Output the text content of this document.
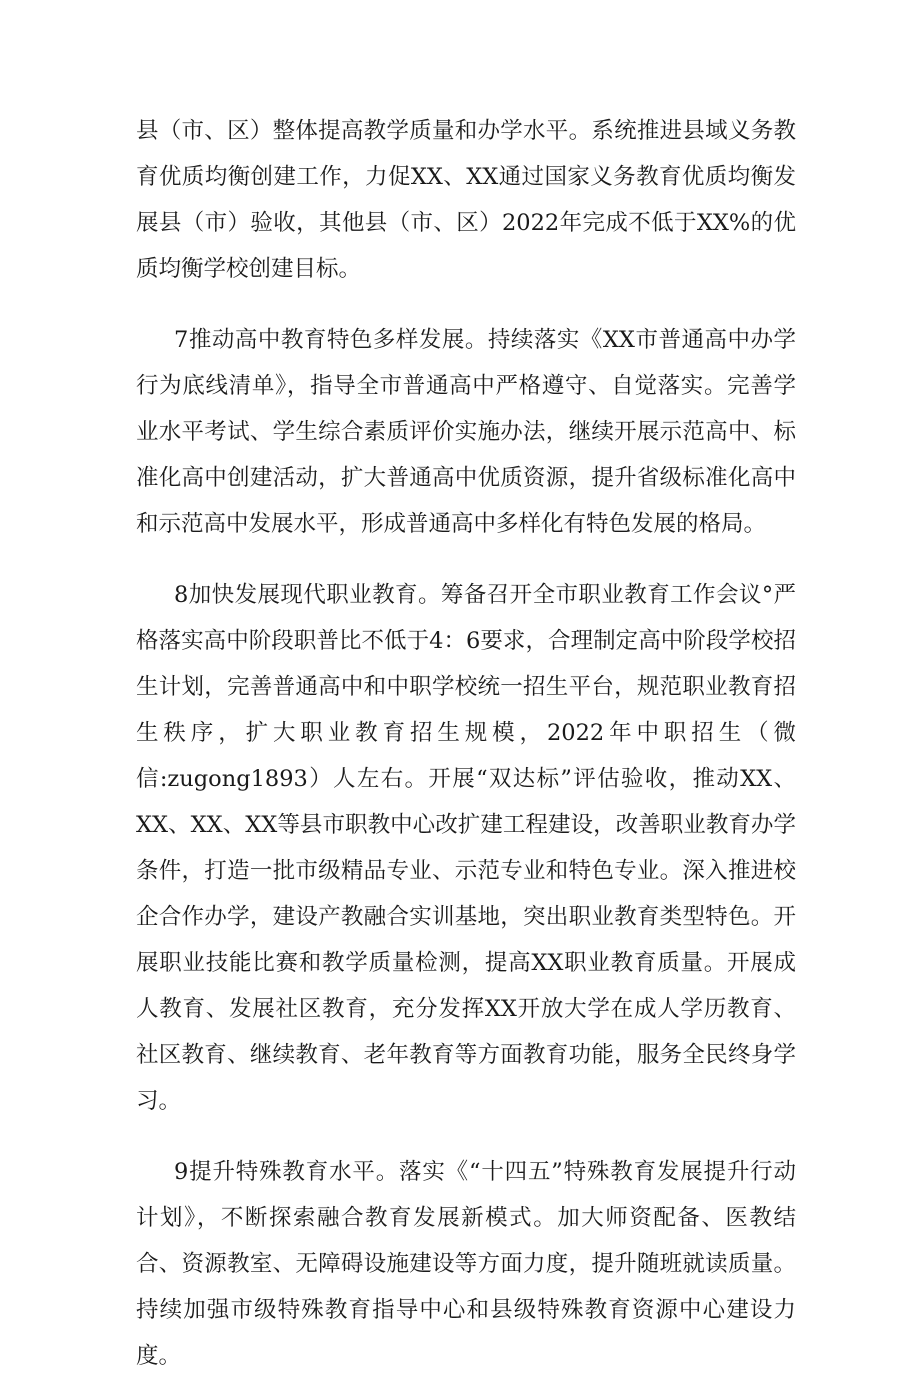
县（市、区）整体提高教学质量和办学水平。系统推进县域义务教育优质均衡创建工作，力促XX、XX通过国家义务教育优质均衡发展县（市）验收，其他县（市、区）2022年完成不低于XX%的优质均衡学校创建目标。

7推动高中教育特色多样发展。持续落实《XX市普通高中办学行为底线清单》，指导全市普通高中严格遵守、自觉落实。完善学业水平考试、学生综合素质评价实施办法，继续开展示范高中、标准化高中创建活动，扩大普通高中优质资源，提升省级标准化高中和示范高中发展水平，形成普通高中多样化有特色发展的格局。

8加快发展现代职业教育。筹备召开全市职业教育工作会议°严格落实高中阶段职普比不低于4：6要求，合理制定高中阶段学校招生计划，完善普通高中和中职学校统一招生平台，规范职业教育招生秩序，扩大职业教育招生规模，2022年中职招生（微信:zugong1893）人左右。开展“双达标”评估验收，推动XX、XX、XX、XX等县市职教中心改扩建工程建设，改善职业教育办学条件，打造一批市级精品专业、示范专业和特色专业。深入推进校企合作办学，建设产教融合实训基地，突出职业教育类型特色。开展职业技能比赛和教学质量检测，提高XX职业教育质量。开展成人教育、发展社区教育，充分发挥XX开放大学在成人学历教育、社区教育、继续教育、老年教育等方面教育功能，服务全民终身学习。

9提升特殊教育水平。落实《“十四五”特殊教育发展提升行动计划》，不断探索融合教育发展新模式。加大师资配备、医教结合、资源教室、无障碍设施建设等方面力度，提升随班就读质量。持续加强市级特殊教育指导中心和县级特殊教育资源中心建设力度。
